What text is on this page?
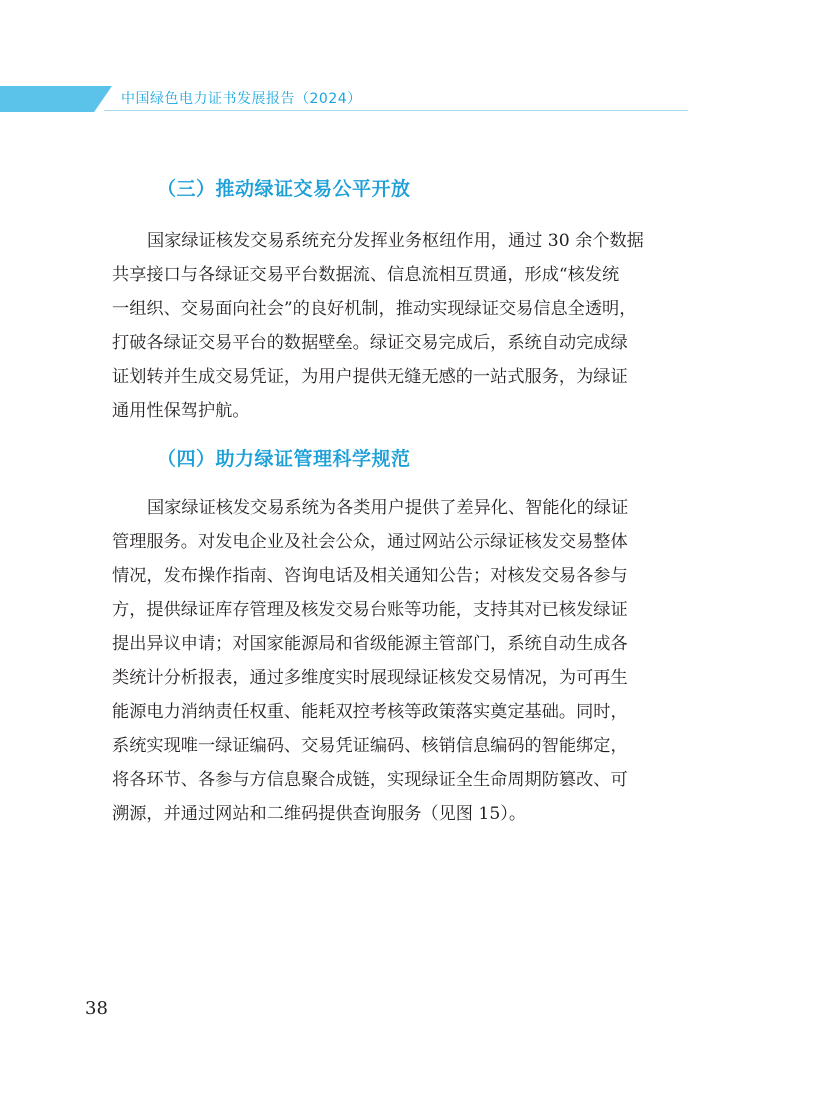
中国绿色电力证书发展报告（2024）
（三）推动绿证交易公平开放
国家绿证核发交易系统充分发挥业务枢纽作用，通过 30 余个数据
共享接口与各绿证交易平台数据流、信息流相互贯通，形成“核发统
一组织、交易面向社会”的良好机制，推动实现绿证交易信息全透明，
打破各绿证交易平台的数据壁垒。绿证交易完成后，系统自动完成绿
证划转并生成交易凭证，为用户提供无缝无感的一站式服务，为绿证
通用性保驾护航。
（四）助力绿证管理科学规范
国家绿证核发交易系统为各类用户提供了差异化、智能化的绿证
管理服务。对发电企业及社会公众，通过网站公示绿证核发交易整体
情况，发布操作指南、咨询电话及相关通知公告；对核发交易各参与
方，提供绿证库存管理及核发交易台账等功能，支持其对已核发绿证
提出异议申请；对国家能源局和省级能源主管部门，系统自动生成各
类统计分析报表，通过多维度实时展现绿证核发交易情况，为可再生
能源电力消纳责任权重、能耗双控考核等政策落实奠定基础。同时，
系统实现唯一绿证编码、交易凭证编码、核销信息编码的智能绑定，
将各环节、各参与方信息聚合成链，实现绿证全生命周期防篡改、可
溯源，并通过网站和二维码提供查询服务（见图 15）。
38
